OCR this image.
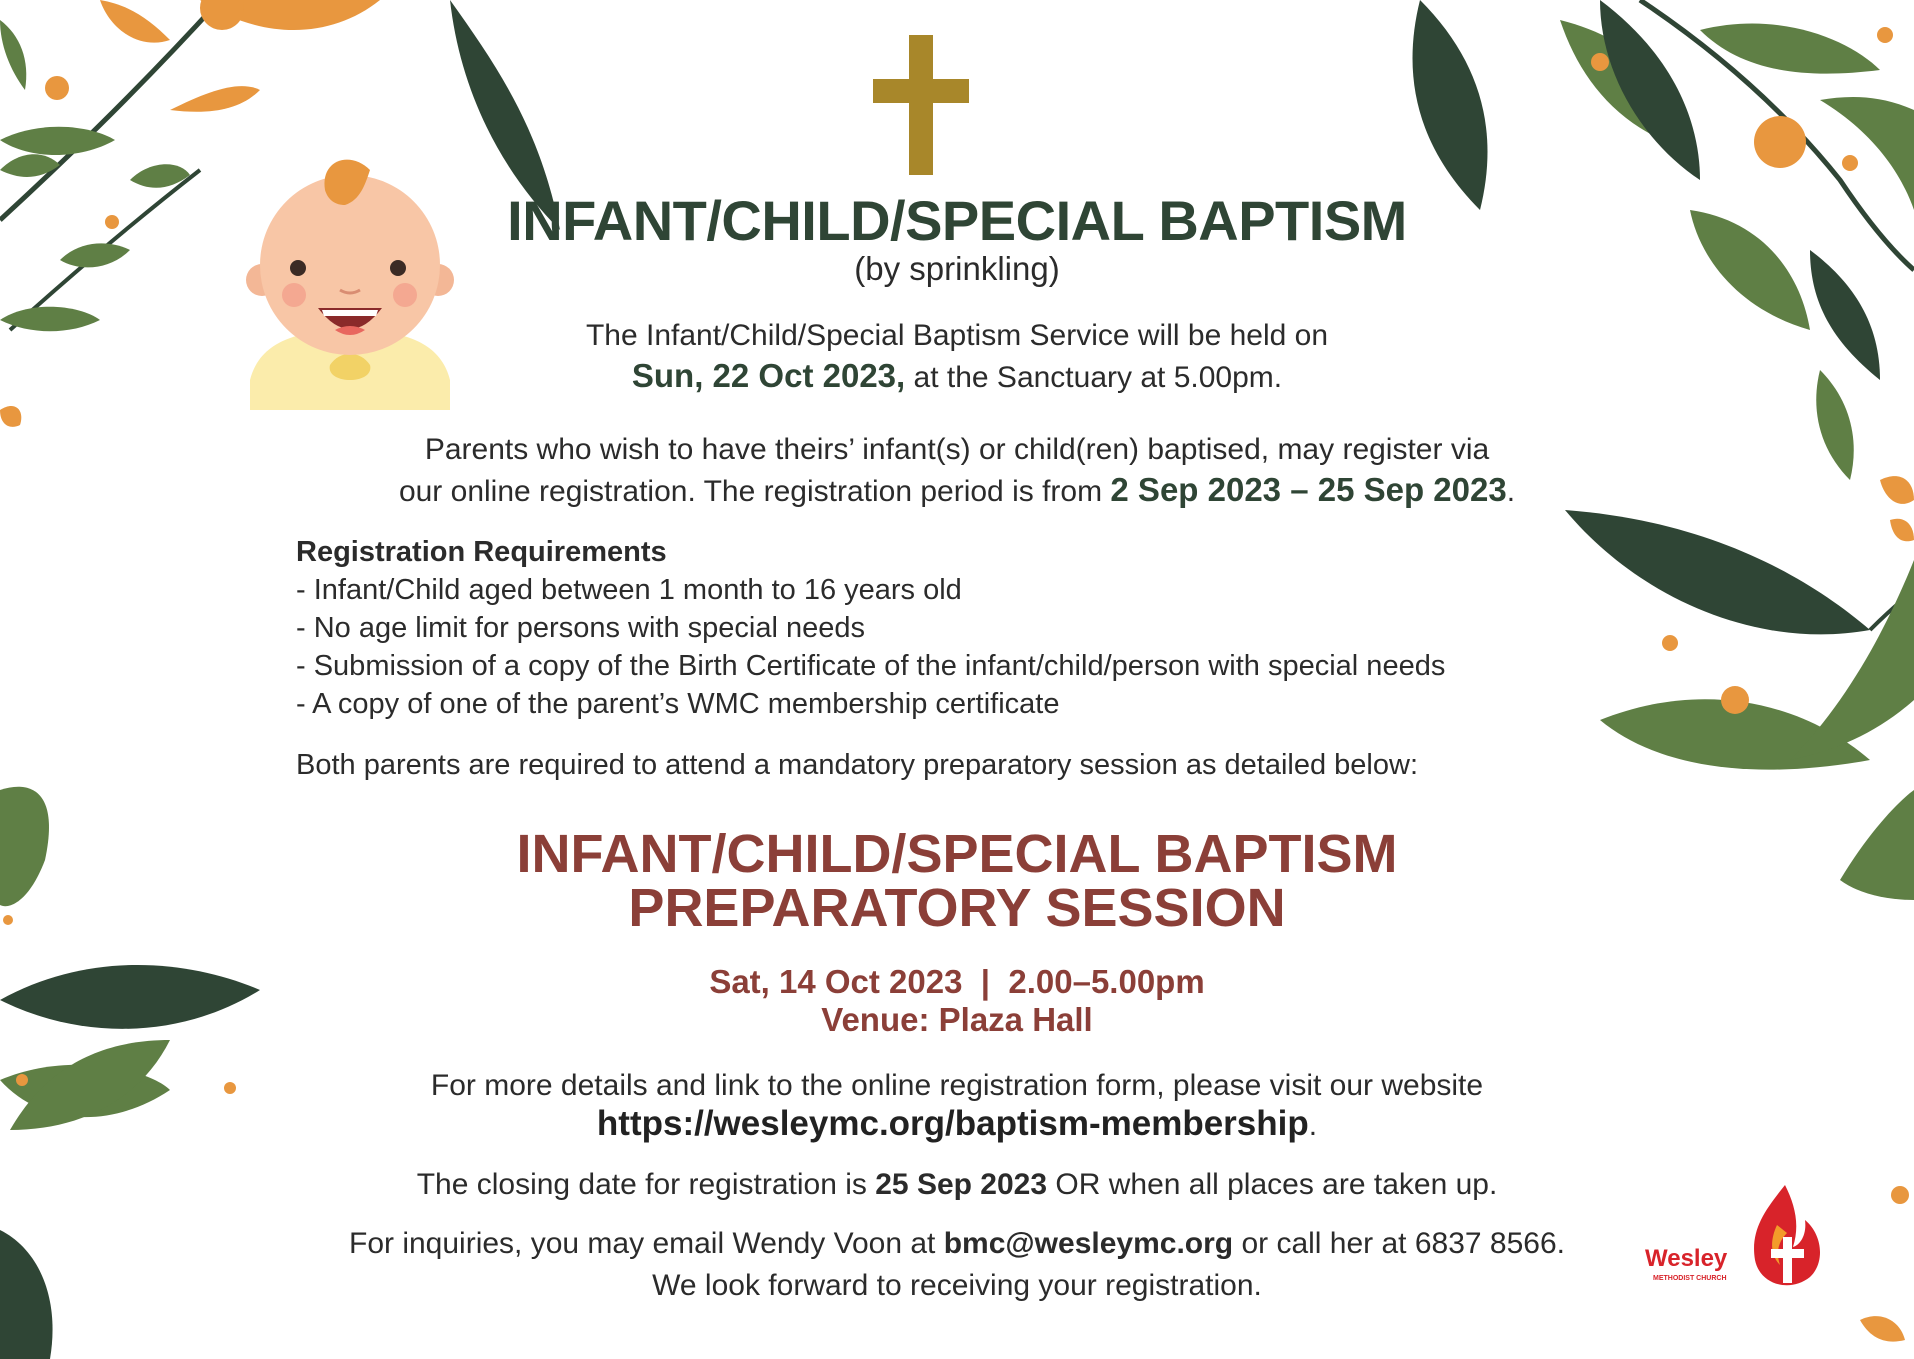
INFANT/CHILD/SPECIAL BAPTISM
(by sprinkling)
The Infant/Child/Special Baptism Service will be held on
Sun, 22 Oct 2023, at the Sanctuary at 5.00pm.
Parents who wish to have theirs’ infant(s) or child(ren) baptised, may register via
our online registration. The registration period is from 2 Sep 2023 – 25 Sep 2023.
Registration Requirements
- Infant/Child aged between 1 month to 16 years old
- No age limit for persons with special needs
- Submission of a copy of the Birth Certificate of the infant/child/person with special needs
- A copy of one of the parent’s WMC membership certificate
Both parents are required to attend a mandatory preparatory session as detailed below:
INFANT/CHILD/SPECIAL BAPTISM
PREPARATORY SESSION
Sat, 14 Oct 2023  |  2.00–5.00pm
Venue: Plaza Hall
For more details and link to the online registration form, please visit our website
https://wesleymc.org/baptism-membership.
The closing date for registration is 25 Sep 2023 OR when all places are taken up.
For inquiries, you may email Wendy Voon at bmc@wesleymc.org or call her at 6837 8566.
We look forward to receiving your registration.
Wesley
METHODIST CHURCH
